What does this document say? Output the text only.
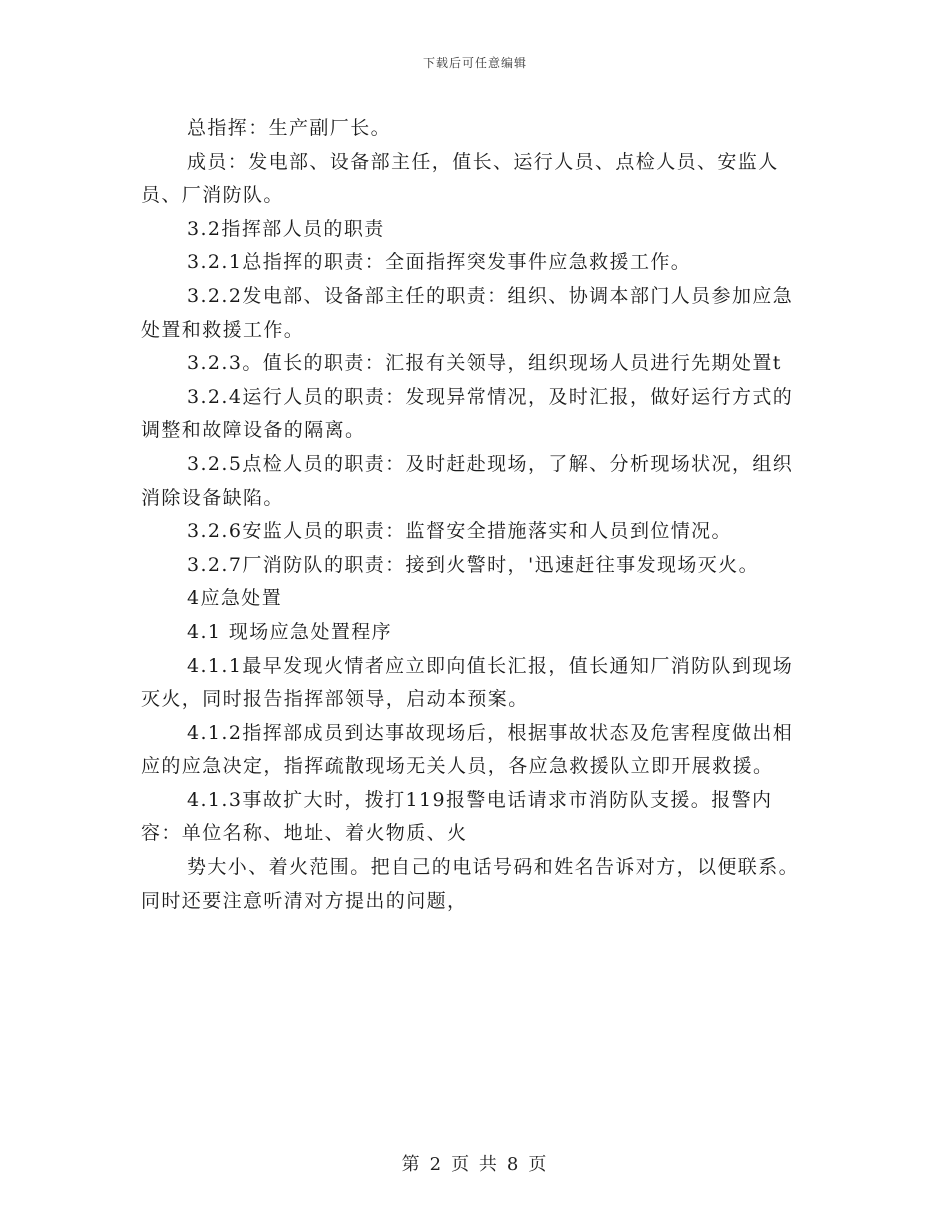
下载后可任意编辑

总指挥：生产副厂长。

成员：发电部、设备部主任，值长、运行人员、点检人员、安监人员、厂消防队。

3.2指挥部人员的职责

3.2.1总指挥的职责：全面指挥突发事件应急救援工作。

3.2.2发电部、设备部主任的职责：组织、协调本部门人员参加应急处置和救援工作。

3.2.3。值长的职责：汇报有关领导，组织现场人员进行先期处置t

3.2.4运行人员的职责：发现异常情况，及时汇报，做好运行方式的调整和故障设备的隔离。

3.2.5点检人员的职责：及时赶赴现场，了解、分析现场状况，组织消除设备缺陷。

3.2.6安监人员的职责：监督安全措施落实和人员到位情况。

3.2.7厂消防队的职责：接到火警时，'迅速赶往事发现场灭火。

4应急处置

4.1 现场应急处置程序

4.1.1最早发现火情者应立即向值长汇报，值长通知厂消防队到现场灭火，同时报告指挥部领导，启动本预案。

4.1.2指挥部成员到达事故现场后，根据事故状态及危害程度做出相应的应急决定，指挥疏散现场无关人员，各应急救援队立即开展救援。

4.1.3事故扩大时，拨打119报警电话请求市消防队支援。报警内容：单位名称、地址、着火物质、火

势大小、着火范围。把自己的电话号码和姓名告诉对方，以便联系。同时还要注意听清对方提出的问题，

第 2 页 共 8 页
